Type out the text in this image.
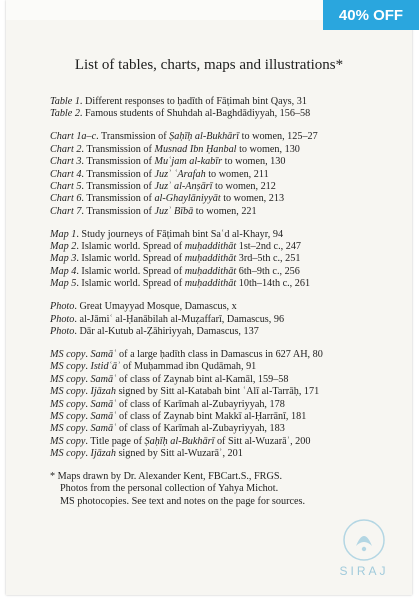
List of tables, charts, maps and illustrations*
Table 1. Different responses to ḥadīth of Fāṭimah bint Qays, 31
Table 2. Famous students of Shuhdah al-Baghdādiyyah, 156–58
Chart 1a–c. Transmission of Ṣaḥīḥ al-Bukhārī to women, 125–27
Chart 2. Transmission of Musnad Ibn Ḥanbal to women, 130
Chart 3. Transmission of Muʿjam al-kabīr to women, 130
Chart 4. Transmission of Juzʾ ʿArafah to women, 211
Chart 5. Transmission of Juzʾ al-Anṣārī to women, 212
Chart 6. Transmission of al-Ghaylāniyyāt to women, 213
Chart 7. Transmission of Juzʾ Bībā to women, 221
Map 1. Study journeys of Fāṭimah bint Saʿd al-Khayr, 94
Map 2. Islamic world. Spread of muḥaddithāt 1st–2nd c., 247
Map 3. Islamic world. Spread of muḥaddithāt 3rd–5th c., 251
Map 4. Islamic world. Spread of muḥaddithāt 6th–9th c., 256
Map 5. Islamic world. Spread of muḥaddithāt 10th–14th c., 261
Photo. Great Umayyad Mosque, Damascus, x
Photo. al-Jāmiʿ al-Ḥanābilah al-Muẓaffarī, Damascus, 96
Photo. Dār al-Kutub al-Ẓāhiriyyah, Damascus, 137
MS copy. Samāʿ of a large ḥadīth class in Damascus in 627 AH, 80
MS copy. Istidʿāʾ of Muḥammad ibn Qudāmah, 91
MS copy. Samāʿ of class of Zaynab bint al-Kamāl, 159–58
MS copy. Ijāzah signed by Sitt al-Katabah bint ʿAlī al-Tarrāḥ, 171
MS copy. Samāʿ of class of Karīmah al-Zubayriyyah, 178
MS copy. Samāʿ of class of Zaynab bint Makkī al-Ḥarrānī, 181
MS copy. Samāʿ of class of Karīmah al-Zubayriyyah, 183
MS copy. Title page of Ṣaḥīḥ al-Bukhārī of Sitt al-Wuzarāʾ, 200
MS copy. Ijāzah signed by Sitt al-Wuzarāʾ, 201
* Maps drawn by Dr. Alexander Kent, FBCart.S., FRGS.
Photos from the personal collection of Yahya Michot.
MS photocopies. See text and notes on the page for sources.
40% OFF
SIRAJ
